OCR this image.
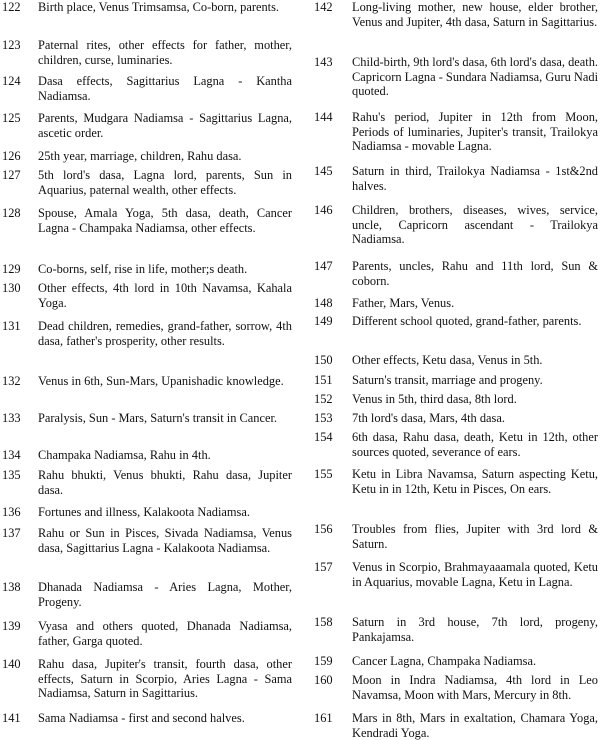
122	Birth place, Venus Trimsamsa, Co-born, parents.
123	Paternal rites, other effects for father, mother, children, curse, luminaries.
124	Dasa effects, Sagittarius Lagna - Kantha Nadiamsa.
125	Parents, Mudgara Nadiamsa - Sagittarius Lagna, ascetic order.
126	25th year, marriage, children, Rahu dasa.
127	5th lord's dasa, Lagna lord, parents, Sun in Aquarius, paternal wealth, other effects.
128	Spouse, Amala Yoga, 5th dasa, death, Cancer Lagna - Champaka Nadiamsa, other effects.
129	Co-borns, self, rise in life, mother;s death.
130	Other effects, 4th lord in 10th Navamsa, Kahala Yoga.
131	Dead children, remedies, grand-father, sorrow, 4th dasa, father's prosperity, other results.
132	Venus in 6th, Sun-Mars, Upanishadic knowledge.
133	Paralysis, Sun - Mars, Saturn's transit in Cancer.
134	Champaka Nadiamsa, Rahu in 4th.
135	Rahu bhukti, Venus bhukti, Rahu dasa, Jupiter dasa.
136	Fortunes and illness, Kalakoota Nadiamsa.
137	Rahu or Sun in Pisces, Sivada Nadiamsa, Venus dasa, Sagittarius Lagna - Kalakoota Nadiamsa.
138	Dhanada Nadiamsa - Aries Lagna, Mother, Progeny.
139	Vyasa and others quoted, Dhanada Nadiamsa, father, Garga quoted.
140	Rahu dasa, Jupiter's transit, fourth dasa, other effects, Saturn in Scorpio, Aries Lagna - Sama Nadiamsa, Saturn in Sagittarius.
141	Sama Nadiamsa - first and second halves.
142	Long-living mother, new house, elder brother, Venus and Jupiter, 4th dasa, Saturn in Sagittarius.
143	Child-birth, 9th lord's dasa, 6th lord's dasa, death. Capricorn Lagna - Sundara Nadiamsa, Guru Nadi quoted.
144	Rahu's period, Jupiter in 12th from Moon, Periods of luminaries, Jupiter's transit, Trailokya Nadiamsa - movable Lagna.
145	Saturn in third, Trailokya Nadiamsa - 1st&2nd halves.
146	Children, brothers, diseases, wives, service, uncle, Capricorn ascendant - Trailokya Nadiamsa.
147	Parents, uncles, Rahu and 11th lord, Sun & coborn.
148	Father, Mars, Venus.
149	Different school quoted, grand-father, parents.
150	Other effects, Ketu dasa, Venus in 5th.
151	Saturn's transit, marriage and progeny.
152	Venus in 5th, third dasa, 8th lord.
153	7th lord's dasa, Mars, 4th dasa.
154	6th dasa, Rahu dasa, death, Ketu in 12th, other sources quoted, severance of ears.
155	Ketu in Libra Navamsa, Saturn aspecting Ketu, Ketu in in 12th, Ketu in Pisces, On ears.
156	Troubles from flies, Jupiter with 3rd lord & Saturn.
157	Venus in Scorpio, Brahmayaaamala quoted, Ketu in Aquarius, movable Lagna, Ketu in Lagna.
158	Saturn in 3rd house, 7th lord, progeny, Pankajamsa.
159	Cancer Lagna, Champaka Nadiamsa.
160	Moon in Indra Nadiamsa, 4th lord in Leo Navamsa, Moon with Mars, Mercury in 8th.
161	Mars in 8th, Mars in exaltation, Chamara Yoga, Kendradi Yoga.
